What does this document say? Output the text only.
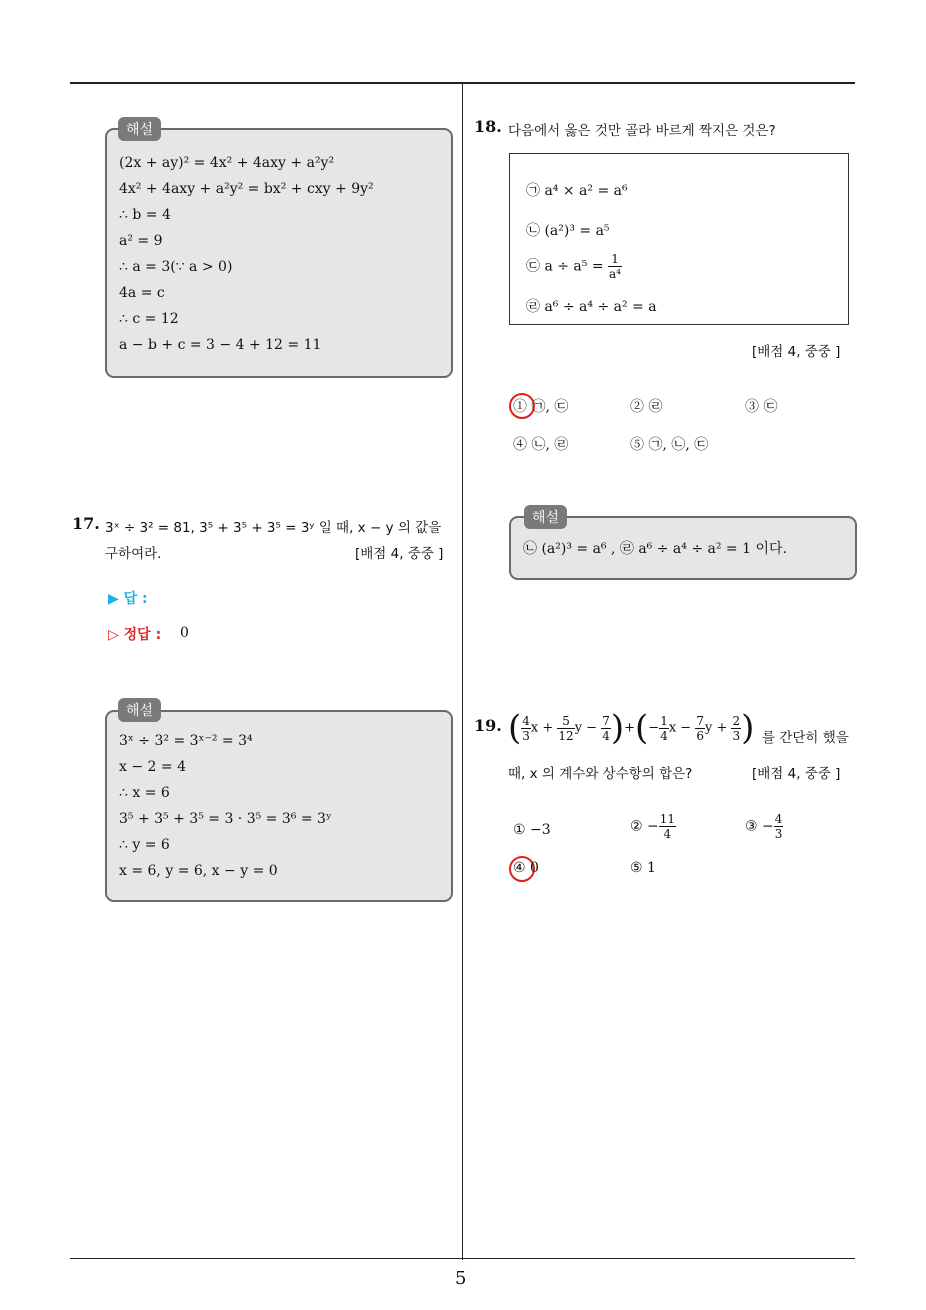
5
(2x + ay)² = 4x² + 4axy + a²y²
4x² + 4axy + a²y² = bx² + cxy + 9y²
∴ b = 4
a² = 9
∴ a = 3(∵ a > 0)
4a = c
∴ c = 12
a − b + c = 3 − 4 + 12 = 11
해설
17. 3ˣ ÷ 3² = 81, 3⁵ + 3⁵ + 3⁵ = 3ʸ 일 때, x − y 의 값을
구하여라.	[배점 4, 중중 ]
▶ 답 :
▷ 정답 : 0
3ˣ ÷ 3² = 3ˣ⁻² = 3⁴
x − 2 = 4
∴ x = 6
3⁵ + 3⁵ + 3⁵ = 3 · 3⁵ = 3⁶ = 3ʸ
∴ y = 6
x = 6, y = 6, x − y = 0
해설
18. 다음에서 옳은 것만 골라 바르게 짝지은 것은?
㉠ a⁴ × a² = a⁶
㉡ (a²)³ = a⁵
㉢ $a \div a^5 = \frac{1}{\text{a⁴}}$
㉣ a⁶ ÷ a⁴ ÷ a² = a
[배점 4, 중중 ]
① ㉠, ㉢	② ㉣	③ ㉢
④ ㉡, ㉣	⑤ ㉠, ㉡, ㉢
㉡ (a²)³ = a⁶ , ㉣ a⁶ ÷ a⁴ ÷ a² = 1 이다.
해설
19. ( $\frac{4}{3}$ $x + \frac{5}{12}$ $y - \frac{7}{4}$ )+(− $\frac{1}{4}$ $x - \frac{7}{6}$ $y + \frac{2}{3}$ ) 를 간단히 했을
때, x 의 계수와 상수항의 합은?	[배점 4, 중중 ]
① −3	② − $\frac{11}{4}$	③ − $\frac{4}{3}$
④ 0	⑤ 1
